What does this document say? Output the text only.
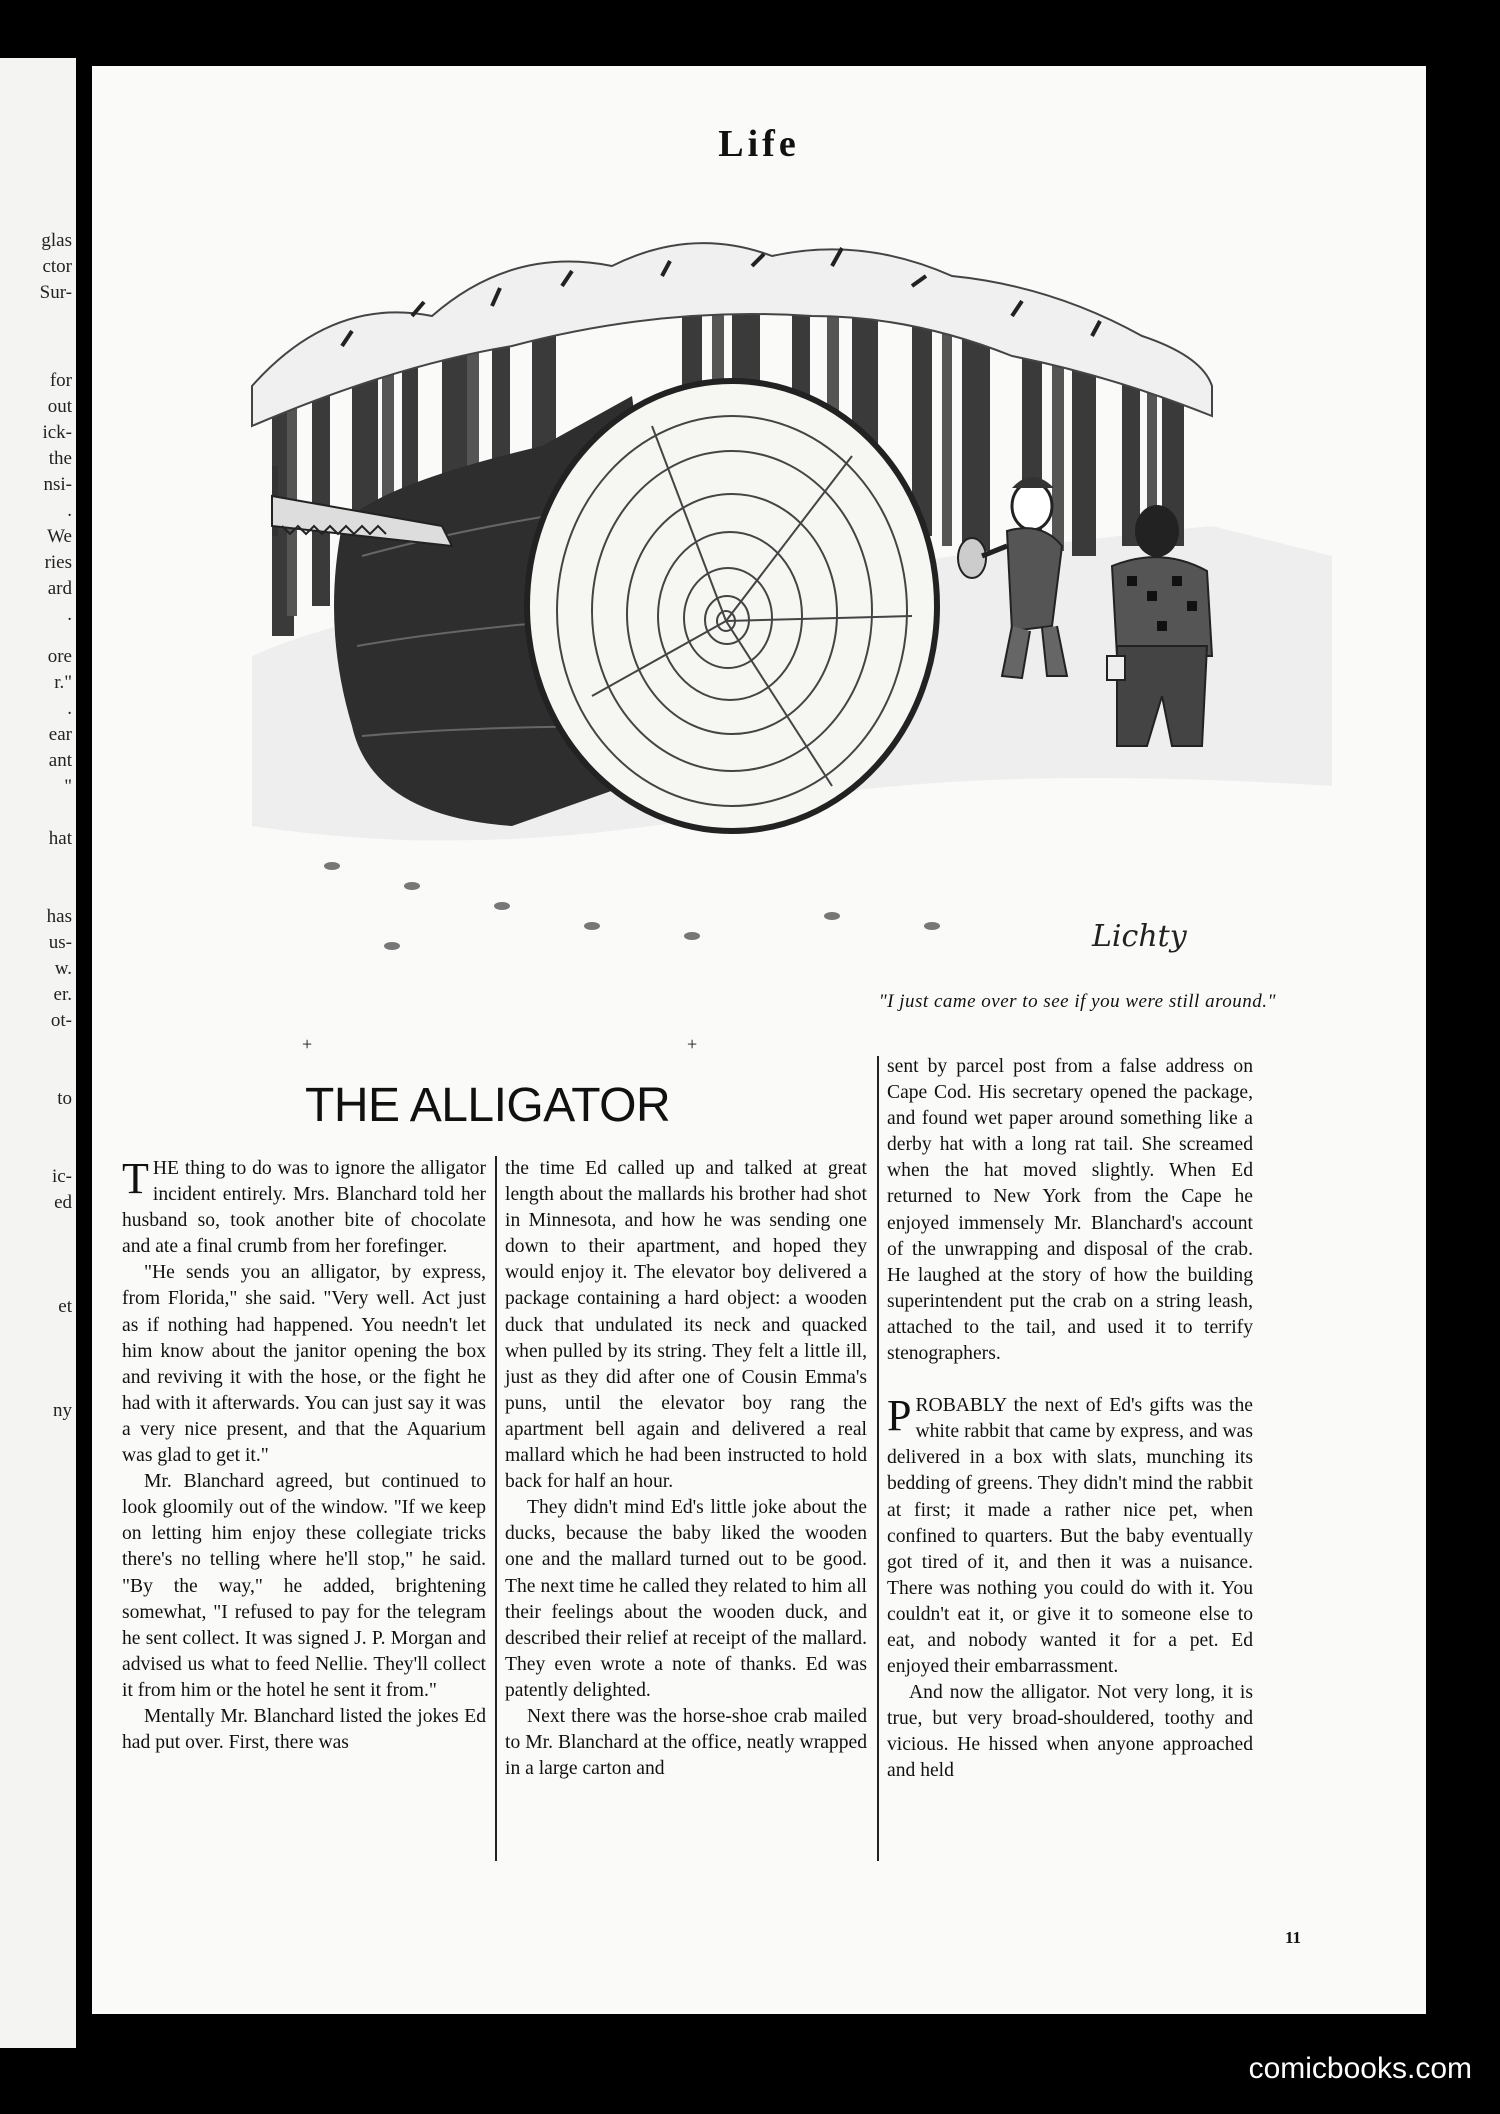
glas
ctor
Sur-
for
out
ick-
the
nsi-
.
We
ries
ard
.
ore
r."
.
ear
ant
"
hat
has
us-
w.
er.
ot-
to
ic-
ed
et
ny
Life
Lichty
"I just came over to see if you were still around."
+	+
THE ALLIGATOR

THE thing to do was to ignore the alligator incident entirely. Mrs. Blanchard told her husband so, took another bite of chocolate and ate a final crumb from her forefinger.

"He sends you an alligator, by express, from Florida," she said. "Very well. Act just as if nothing had happened. You needn't let him know about the janitor opening the box and reviving it with the hose, or the fight he had with it afterwards. You can just say it was a very nice present, and that the Aquarium was glad to get it."

Mr. Blanchard agreed, but continued to look gloomily out of the window. "If we keep on letting him enjoy these collegiate tricks there's no telling where he'll stop," he said. "By the way," he added, brightening somewhat, "I refused to pay for the telegram he sent collect. It was signed J. P. Morgan and advised us what to feed Nellie. They'll collect it from him or the hotel he sent it from."

Mentally Mr. Blanchard listed the jokes Ed had put over. First, there was

the time Ed called up and talked at great length about the mallards his brother had shot in Minnesota, and how he was sending one down to their apartment, and hoped they would enjoy it. The elevator boy delivered a package containing a hard object: a wooden duck that undulated its neck and quacked when pulled by its string. They felt a little ill, just as they did after one of Cousin Emma's puns, until the elevator boy rang the apartment bell again and delivered a real mallard which he had been instructed to hold back for half an hour.

They didn't mind Ed's little joke about the ducks, because the baby liked the wooden one and the mallard turned out to be good. The next time he called they related to him all their feelings about the wooden duck, and described their relief at receipt of the mallard. They even wrote a note of thanks. Ed was patently delighted.

Next there was the horse-shoe crab mailed to Mr. Blanchard at the office, neatly wrapped in a large carton and

sent by parcel post from a false address on Cape Cod. His secretary opened the package, and found wet paper around something like a derby hat with a long rat tail. She screamed when the hat moved slightly. When Ed returned to New York from the Cape he enjoyed immensely Mr. Blanchard's account of the unwrapping and disposal of the crab. He laughed at the story of how the building superintendent put the crab on a string leash, attached to the tail, and used it to terrify stenographers.

PROBABLY the next of Ed's gifts was the white rabbit that came by express, and was delivered in a box with slats, munching its bedding of greens. They didn't mind the rabbit at first; it made a rather nice pet, when confined to quarters. But the baby eventually got tired of it, and then it was a nuisance. There was nothing you could do with it. You couldn't eat it, or give it to someone else to eat, and nobody wanted it for a pet. Ed enjoyed their embarrassment.

And now the alligator. Not very long, it is true, but very broad-shouldered, toothy and vicious. He hissed when anyone approached and held

11
comicbooks.com
